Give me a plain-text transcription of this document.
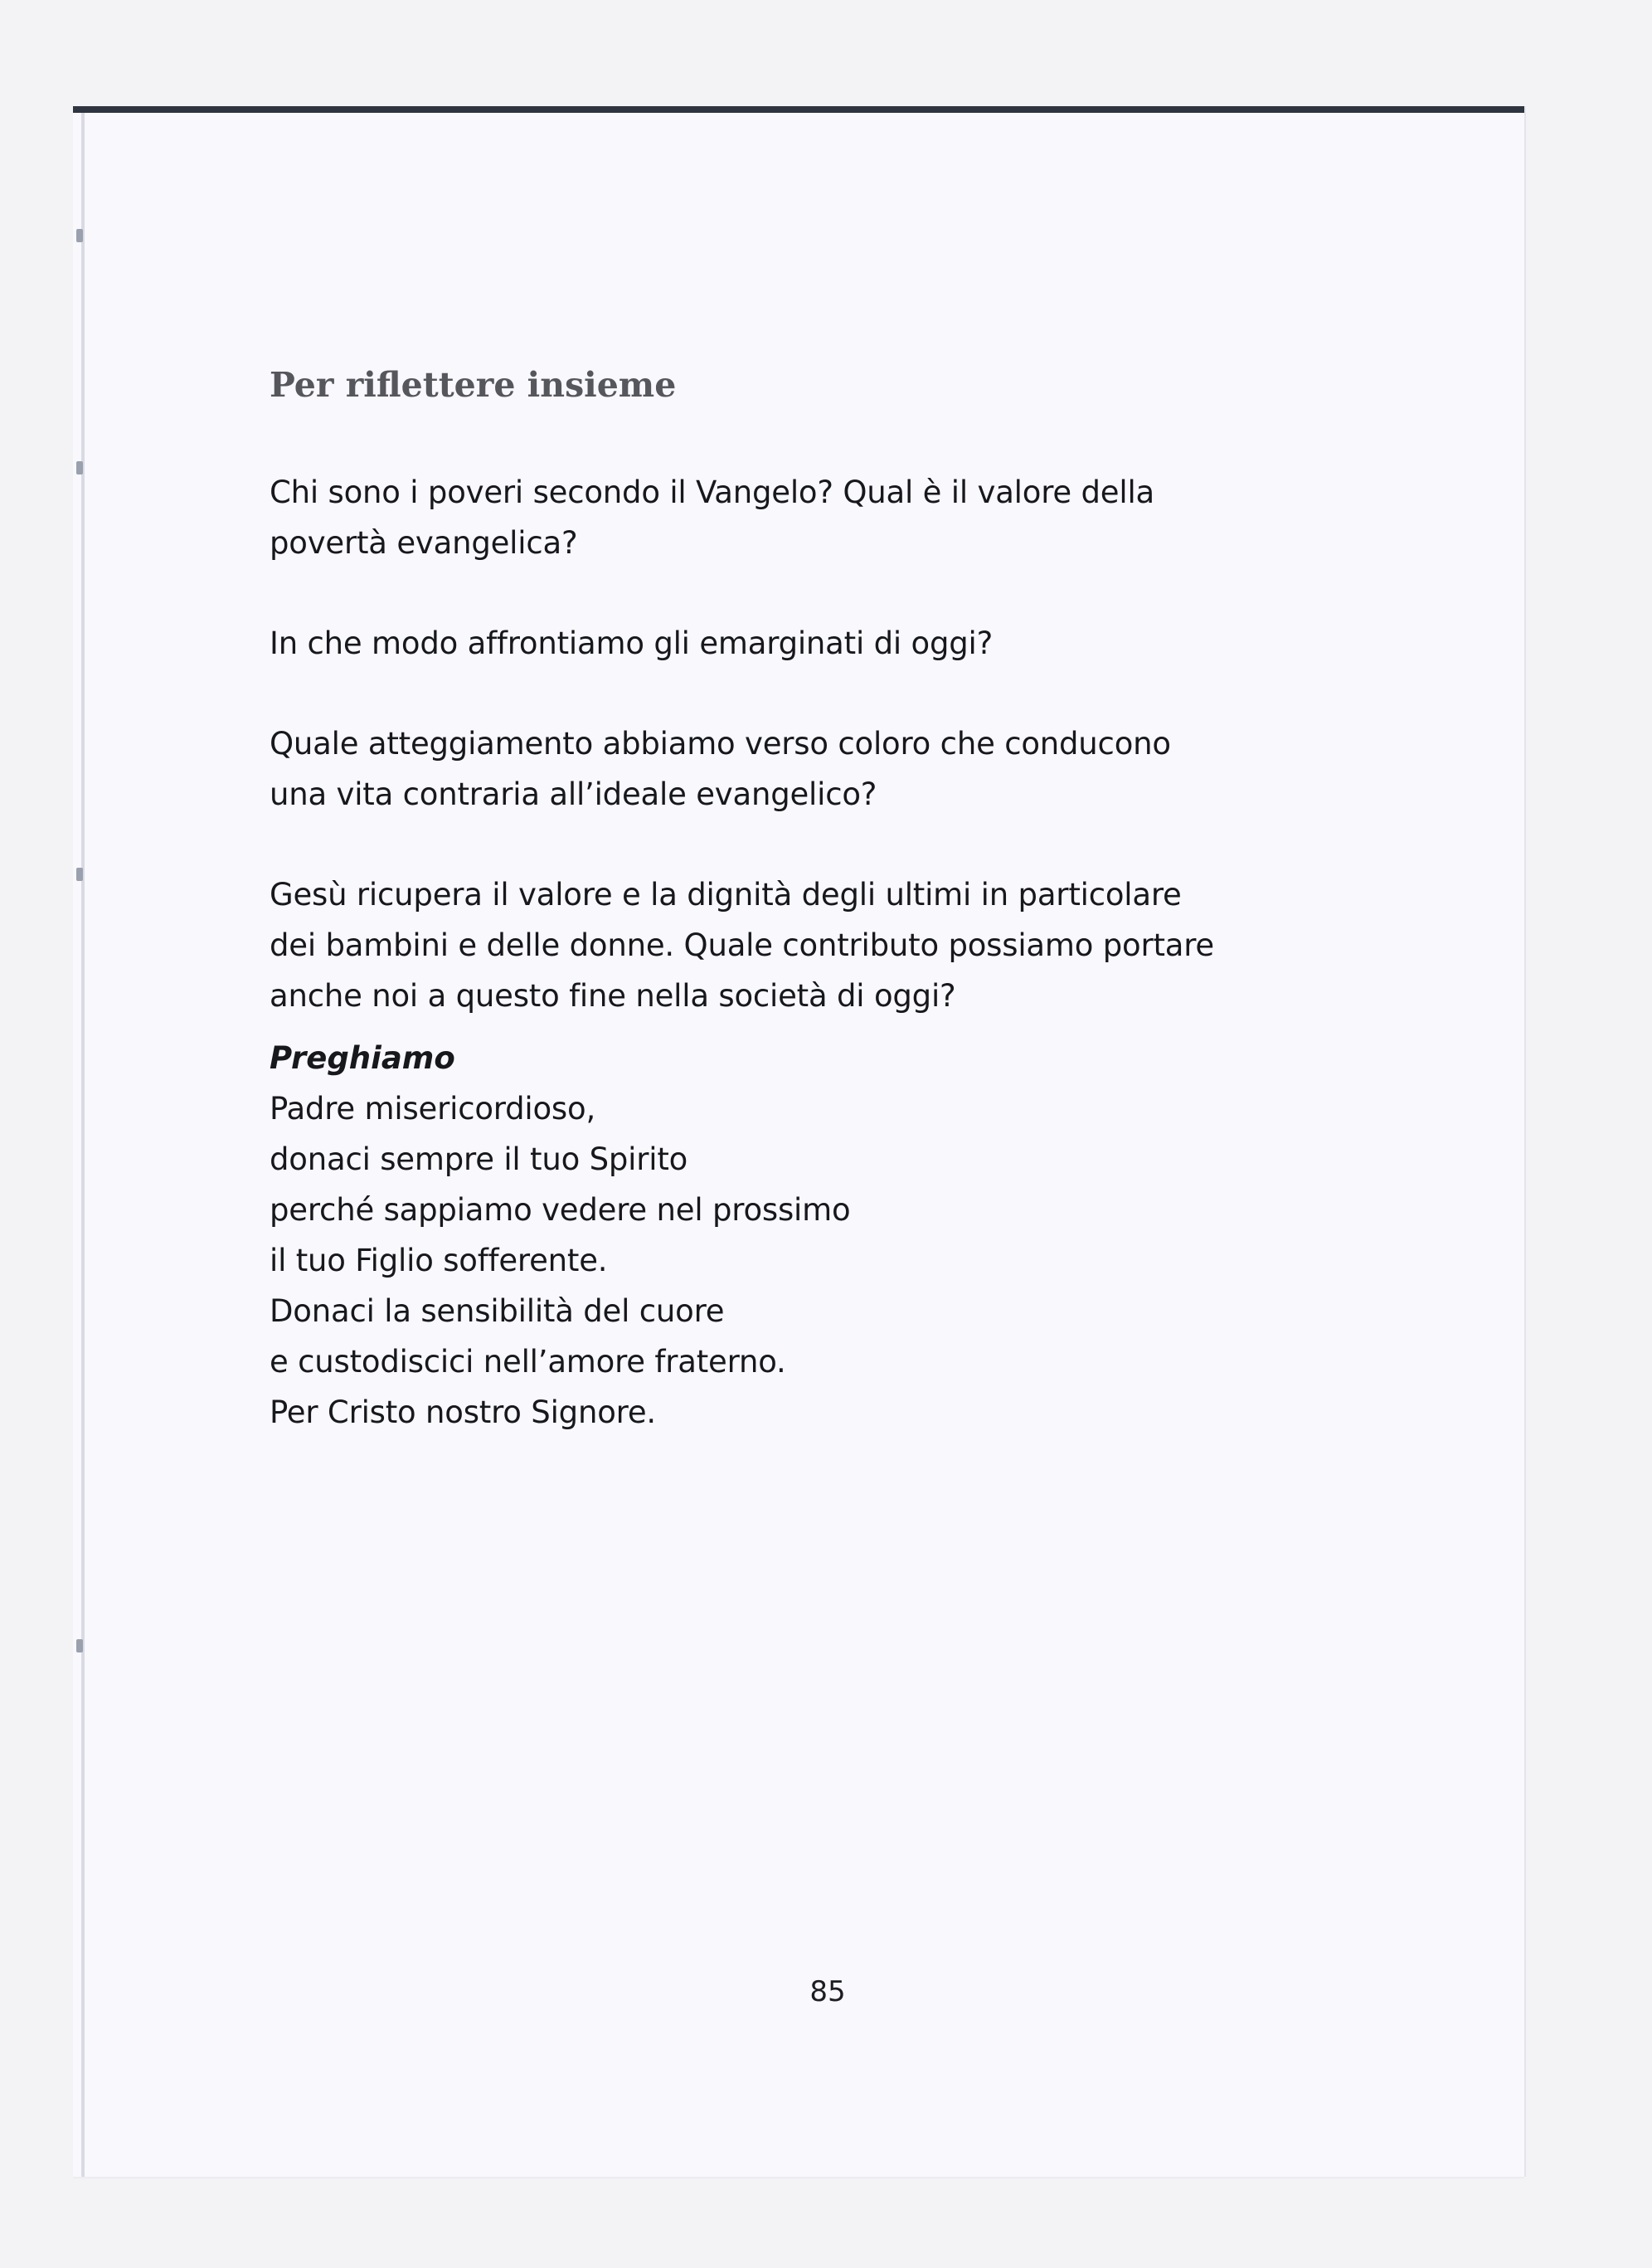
85
Per riflettere insieme

Chi sono i poveri secondo il Vangelo? Qual è il valore della
povertà evangelica?

In che modo affrontiamo gli emarginati di oggi?

Quale atteggiamento abbiamo verso coloro che conducono
una vita contraria all’ideale evangelico?

Gesù ricupera il valore e la dignità degli ultimi in particolare
dei bambini e delle donne. Quale contributo possiamo portare
anche noi a questo fine nella società di oggi?

Preghiamo

Padre misericordioso,

donaci sempre il tuo Spirito

perché sappiamo vedere nel prossimo

il tuo Figlio sofferente.

Donaci la sensibilità del cuore

e custodiscici nell’amore fraterno.

Per Cristo nostro Signore.
